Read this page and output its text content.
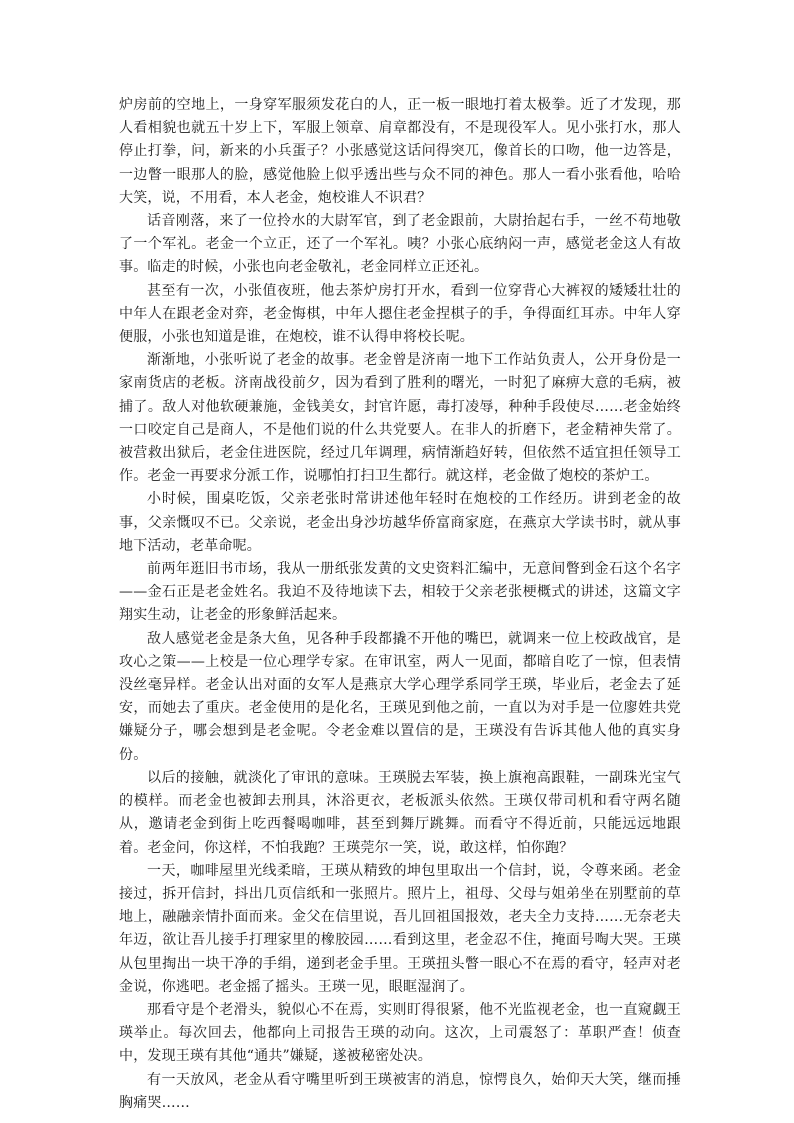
炉房前的空地上，一身穿军服须发花白的人，正一板一眼地打着太极拳。近了才发现，那人看相貌也就五十岁上下，军服上领章、肩章都没有，不是现役军人。见小张打水，那人停止打拳，问，新来的小兵蛋子？小张感觉这话问得突兀，像首长的口吻，他一边答是，一边瞥一眼那人的脸，感觉他脸上似乎透出些与众不同的神色。那人一看小张看他，哈哈大笑，说，不用看，本人老金，炮校谁人不识君？

话音刚落，来了一位拎水的大尉军官，到了老金跟前，大尉抬起右手，一丝不苟地敬了一个军礼。老金一个立正，还了一个军礼。咦？小张心底纳闷一声，感觉老金这人有故事。临走的时候，小张也向老金敬礼，老金同样立正还礼。

甚至有一次，小张值夜班，他去茶炉房打开水，看到一位穿背心大裤衩的矮矮壮壮的中年人在跟老金对弈，老金悔棋，中年人摁住老金捏棋子的手，争得面红耳赤。中年人穿便服，小张也知道是谁，在炮校，谁不认得申将校长呢。

渐渐地，小张听说了老金的故事。老金曾是济南一地下工作站负责人，公开身份是一家南货店的老板。济南战役前夕，因为看到了胜利的曙光，一时犯了麻痹大意的毛病，被捕了。敌人对他软硬兼施，金钱美女，封官许愿，毒打凌辱，种种手段使尽……老金始终一口咬定自己是商人，不是他们说的什么共党要人。在非人的折磨下，老金精神失常了。被营救出狱后，老金住进医院，经过几年调理，病情渐趋好转，但依然不适宜担任领导工作。老金一再要求分派工作，说哪怕打扫卫生都行。就这样，老金做了炮校的茶炉工。

小时候，围桌吃饭，父亲老张时常讲述他年轻时在炮校的工作经历。讲到老金的故事，父亲慨叹不已。父亲说，老金出身沙坊越华侨富商家庭，在燕京大学读书时，就从事地下活动，老革命呢。

前两年逛旧书市场，我从一册纸张发黄的文史资料汇编中，无意间瞥到金石这个名字——金石正是老金姓名。我迫不及待地读下去，相较于父亲老张梗概式的讲述，这篇文字翔实生动，让老金的形象鲜活起来。

敌人感觉老金是条大鱼，见各种手段都撬不开他的嘴巴，就调来一位上校政战官，是攻心之策——上校是一位心理学专家。在审讯室，两人一见面，都暗自吃了一惊，但表情没丝毫异样。老金认出对面的女军人是燕京大学心理学系同学王瑛，毕业后，老金去了延安，而她去了重庆。老金使用的是化名，王瑛见到他之前，一直以为对手是一位廖姓共党嫌疑分子，哪会想到是老金呢。令老金难以置信的是，王瑛没有告诉其他人他的真实身份。

以后的接触，就淡化了审讯的意味。王瑛脱去军装，换上旗袍高跟鞋，一副珠光宝气的模样。而老金也被卸去刑具，沐浴更衣，老板派头依然。王瑛仅带司机和看守两名随从，邀请老金到街上吃西餐喝咖啡，甚至到舞厅跳舞。而看守不得近前，只能远远地跟着。老金问，你这样，不怕我跑？王瑛莞尔一笑，说，敢这样，怕你跑？

一天，咖啡屋里光线柔暗，王瑛从精致的坤包里取出一个信封，说，令尊来函。老金接过，拆开信封，抖出几页信纸和一张照片。照片上，祖母、父母与姐弟坐在别墅前的草地上，融融亲情扑面而来。金父在信里说，吾儿回祖国报效，老夫全力支持……无奈老夫年迈，欲让吾儿接手打理家里的橡胶园……看到这里，老金忍不住，掩面号啕大哭。王瑛从包里掏出一块干净的手绢，递到老金手里。王瑛扭头瞥一眼心不在焉的看守，轻声对老金说，你逃吧。老金摇了摇头。王瑛一见，眼眶湿润了。

那看守是个老滑头，貌似心不在焉，实则盯得很紧，他不光监视老金，也一直窥觑王瑛举止。每次回去，他都向上司报告王瑛的动向。这次，上司震怒了：革职严查！侦查中，发现王瑛有其他“通共”嫌疑，遂被秘密处决。

有一天放风，老金从看守嘴里听到王瑛被害的消息，惊愕良久，始仰天大笑，继而捶胸痛哭……
